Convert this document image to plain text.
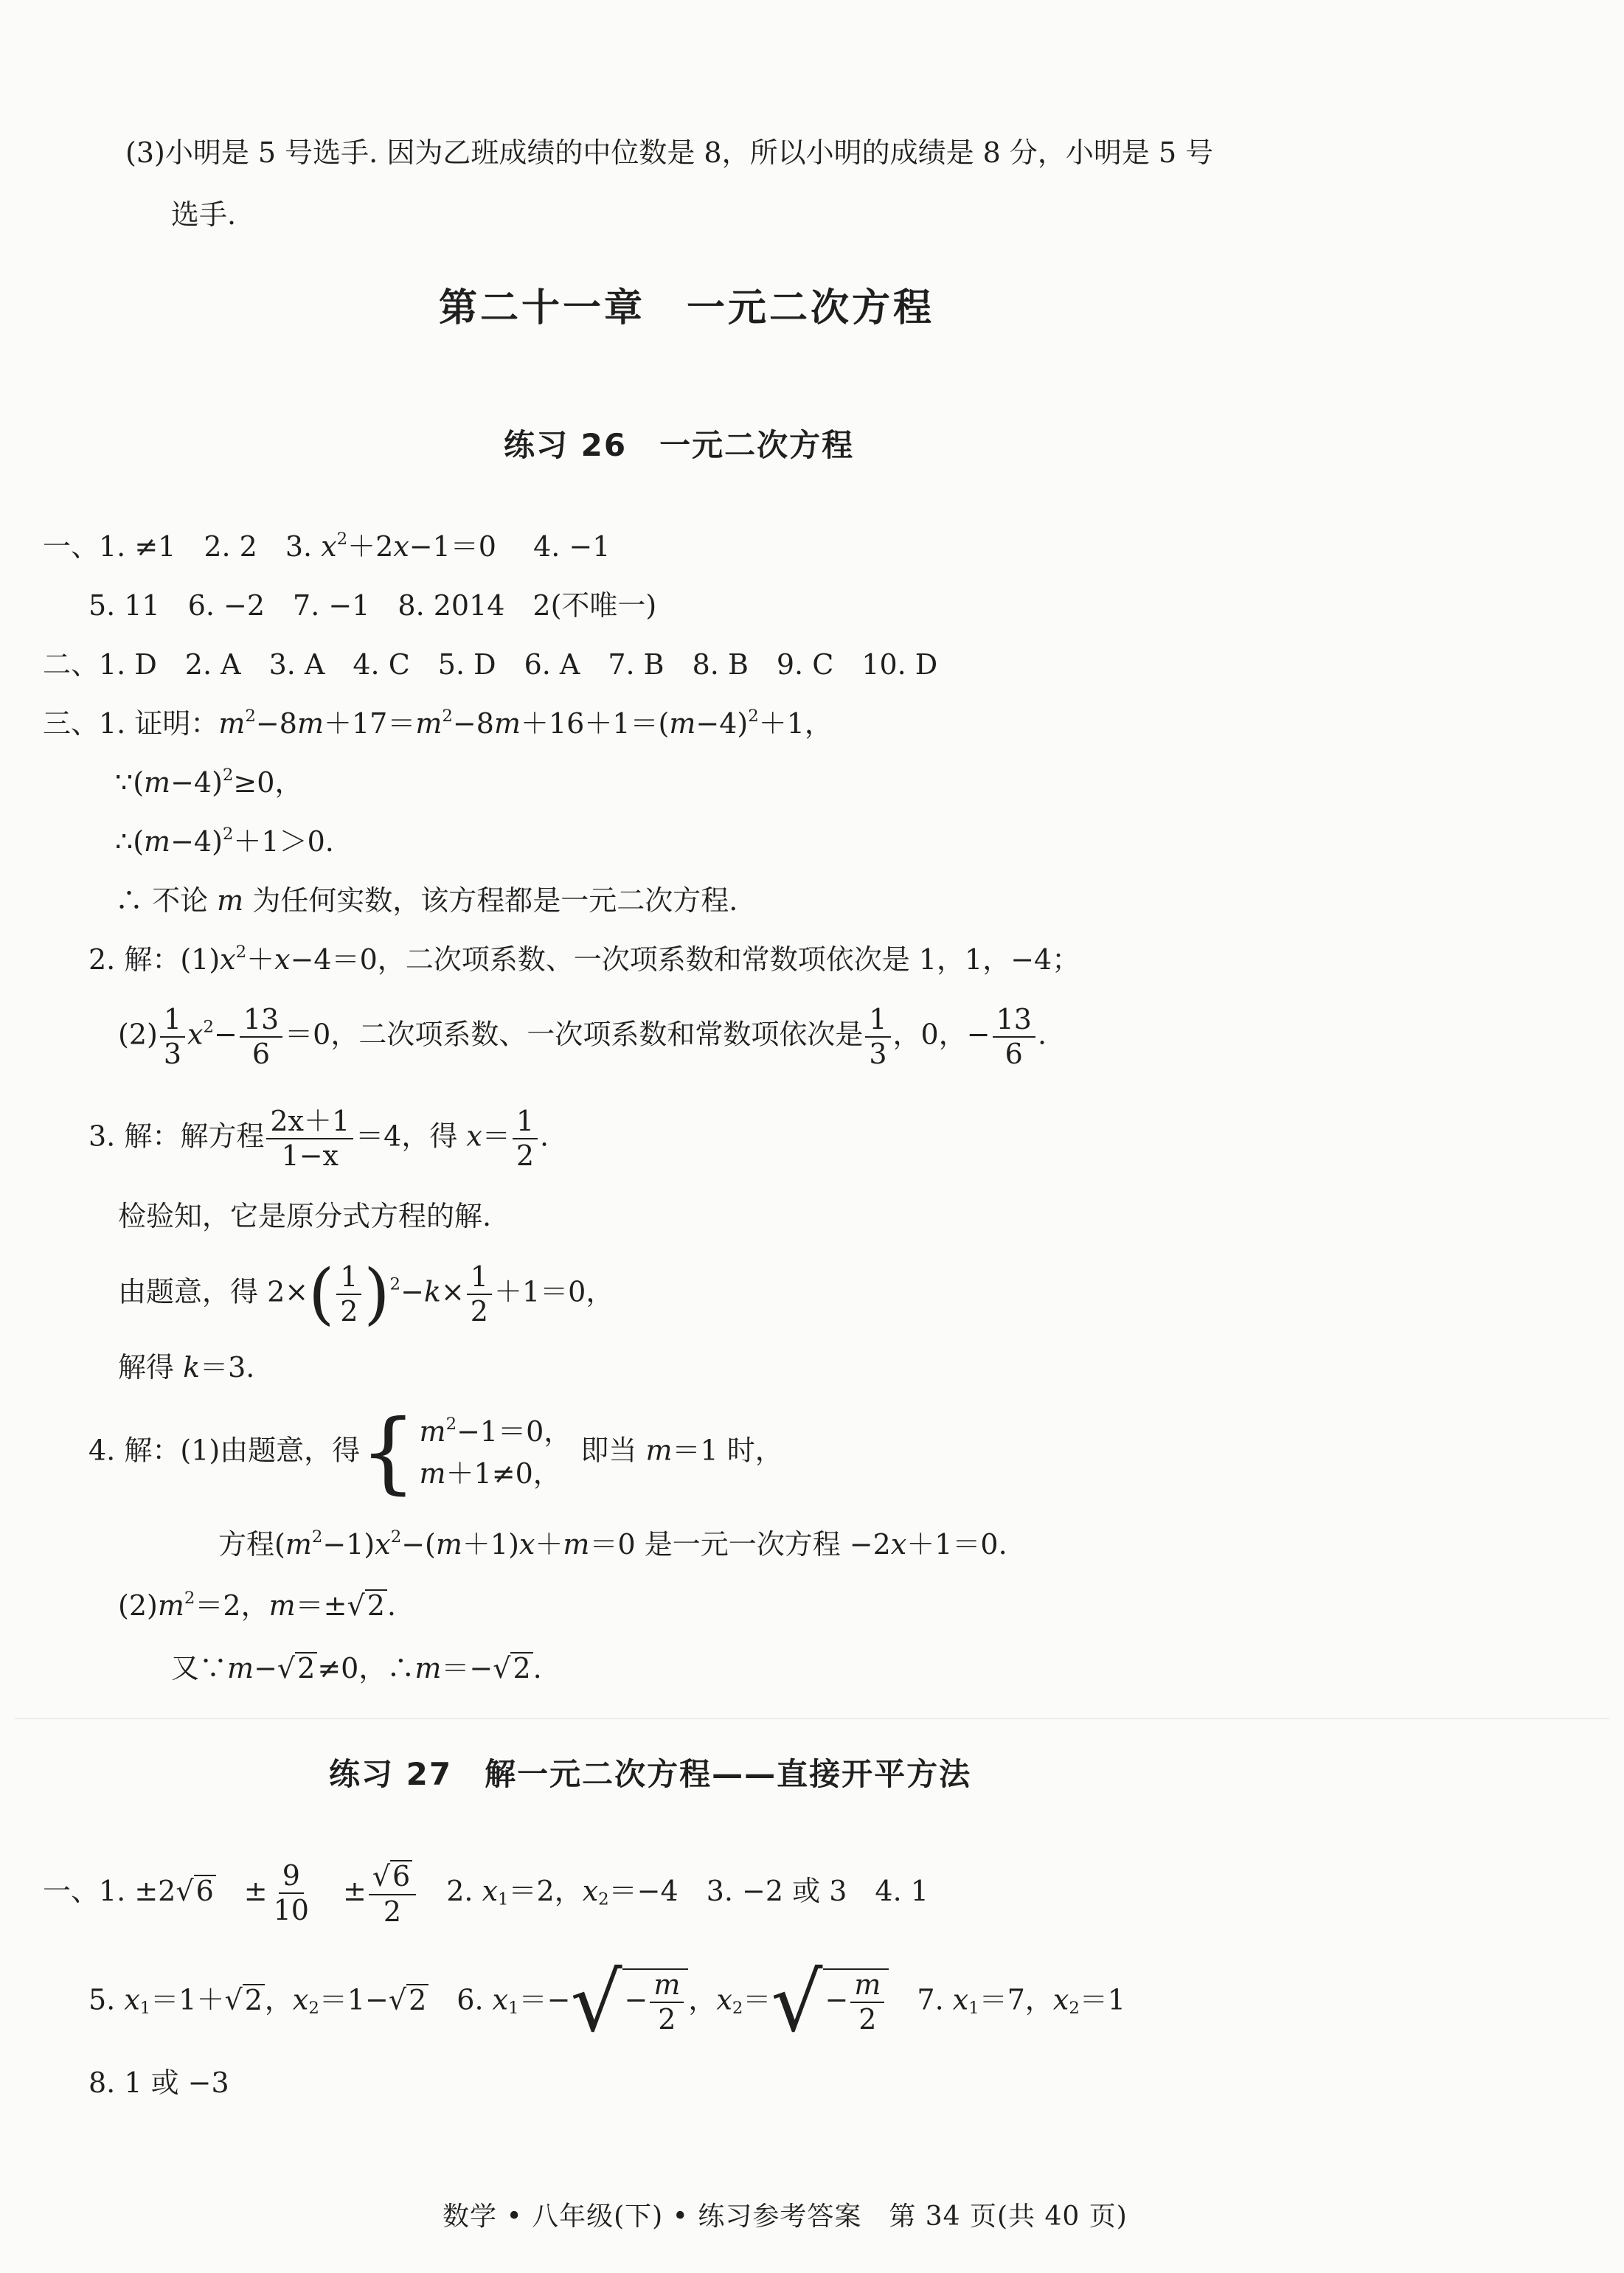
(3)小明是 5 号选手. 因为乙班成绩的中位数是 8，所以小明的成绩是 8 分，小明是 5 号
选手.
第二十一章　一元二次方程
练习 26　一元二次方程
一、1. ≠1　2. 2　3. $x^2+2x-1=0$　 4. −1
5. 11　6. −2　7. −1　8. 2014　2(不唯一)
二、1. D　2. A　3. A　4. C　5. D　6. A　7. B　8. B　9. C　10. D
三、1. 证明：$m^2-8m+17=m^2-8m+16+1=(m-4)^2+1$，
$\because(m-4)^2\ge 0$，
$\therefore(m-4)^2+1>0$.
∴ 不论 m 为任何实数，该方程都是一元二次方程.
2. 解：$(1)x^2+x-4=0$，二次项系数、一次项系数和常数项依次是 1，1，−4；
$(2) \frac{1}{3} x^2- \frac{13}{6} =0$，二次项系数、一次项系数和常数项依次是 $\frac{1}{3}$ ，0，− $\frac{13}{6}$ .
3. 解：解方程 $\frac{2x+1}{1-x} =4$，得 $x= \frac{1}{2}$ .
检验知，它是原分式方程的解.
由题意，得 $2\times( \frac{1}{2} )^2-k\times \frac{1}{2} +1=0$，
解得 k＝3.
4. 解：(1)由题意，得 { $m^2-1=0$，
m＋1≠0，
即当 m＝1 时，
方程$(m^2-1)x^2-(m+1)x+m=0$ 是一元一次方程 −2x＋1＝0.
$(2)m^2=2$，m＝±√2.
又∵m−√2≠0，∴m＝−√2.
练习 27　解一元二次方程——直接开平方法
一、1. ±2√6　± $\frac{9}{10}$ 　± $\frac{√6}{2}$
　 2. $x_1=2$，$x_2=-4$　3. −2 或 3　4. 1
5. $x_1=1+√2$，$x_2=1-√2$　 6. $x_1=-√- \frac{m}{2}$ ，$x_2=√- \frac{m}{2}$
　 7. $x_1=7$，$x_2=1$
8. 1 或 −3
数学 • 八年级(下) • 练习参考答案　第 34 页(共 40 页)
